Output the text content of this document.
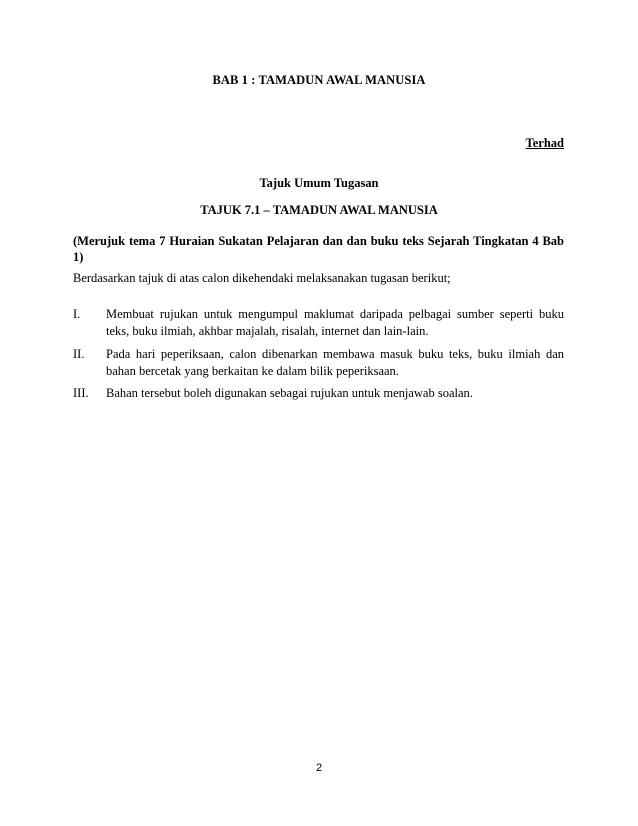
BAB 1 : TAMADUN AWAL MANUSIA
Terhad
Tajuk Umum Tugasan
TAJUK 7.1 – TAMADUN AWAL MANUSIA
(Merujuk tema 7 Huraian Sukatan Pelajaran dan dan buku teks Sejarah Tingkatan 4 Bab 1)
Berdasarkan tajuk di atas calon dikehendaki melaksanakan tugasan berikut;
I.	Membuat rujukan untuk mengumpul maklumat daripada pelbagai sumber seperti buku teks, buku ilmiah, akhbar majalah, risalah, internet dan lain-lain.
II.	Pada hari peperiksaan, calon dibenarkan membawa masuk buku teks, buku ilmiah dan bahan bercetak yang berkaitan ke dalam bilik peperiksaan.
III.	Bahan tersebut boleh digunakan sebagai rujukan untuk menjawab soalan.
2
